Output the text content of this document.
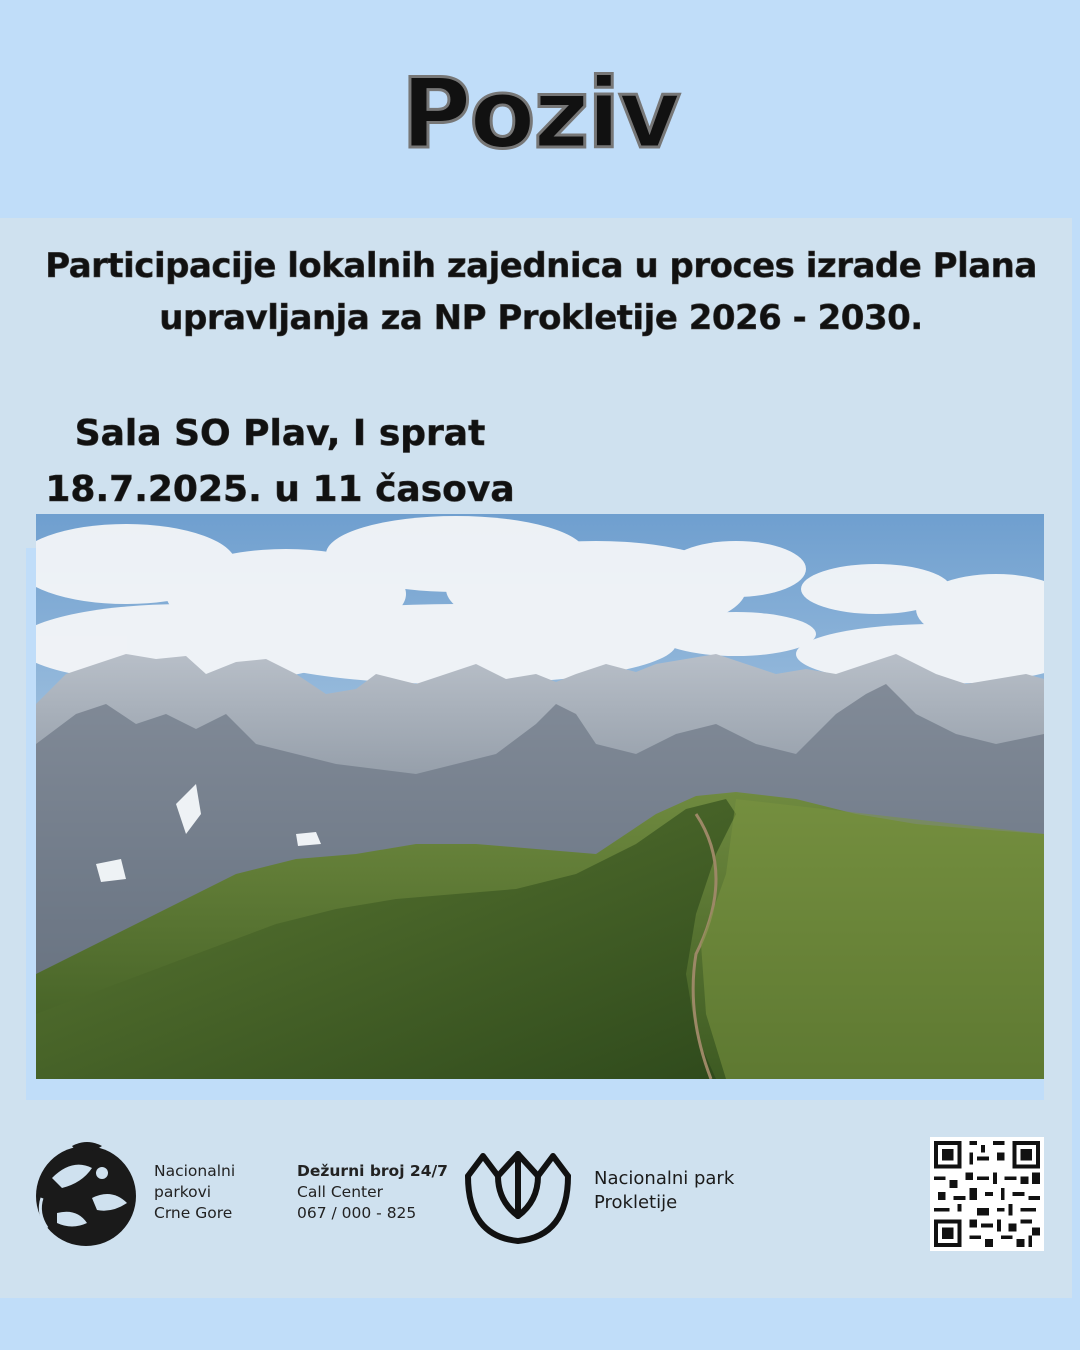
Poziv
Participacije lokalnih zajednica u proces izrade Plana
upravljanja za NP Prokletije 2026 - 2030.
Sala SO Plav, I sprat
18.7.2025. u 11 časova
Nacionalni
parkovi
Crne Gore
Dežurni broj 24/7
Call Center
067 / 000 - 825
Nacionalni park
Prokletije
